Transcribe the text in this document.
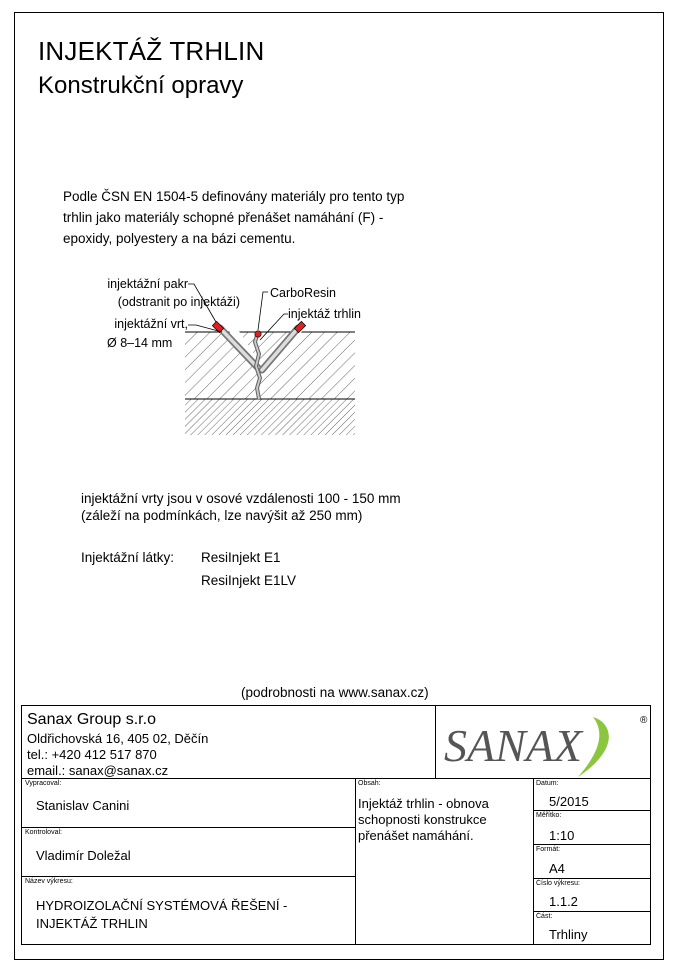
INJEKTÁŽ TRHLIN
Konstrukční opravy
Podle ČSN EN 1504-5 definovány materiály pro tento typ
trhlin jako materiály schopné přenášet namáhání (F) -
epoxidy, polyestery a na bázi cementu.
injektážní pakr
(odstranit po injektáži)
injektážní vrt,
Ø 8–14 mm
CarboResin
injektáž trhlin
injektážní vrty jsou v osové vzdálenosti 100 - 150 mm
(záleží na podmínkách, lze navýšit až 250 mm)
Injektážní látky: ResiInjekt E1
ResiInjekt E1LV
(podrobnosti na www.sanax.cz)
Sanax Group s.r.o
Oldřichovská 16, 405 02, Děčín
tel.: +420 412 517 870
email.: sanax@sanax.cz	SANAX	®
Vypracoval:
Stanislav Canini
Kontroloval:
Vladimír Doležal
Název výkresu:
HYDROIZOLAČNÍ SYSTÉMOVÁ ŘEŠENÍ -
INJEKTÁŽ TRHLIN
Obsah:
Injektáž trhlin - obnova
schopnosti konstrukce
přenášet namáhání.
Datum:
5/2015
Měřítko:
1:10
Formát:
A4
Číslo výkresu:
1.1.2
Část:
Trhliny
